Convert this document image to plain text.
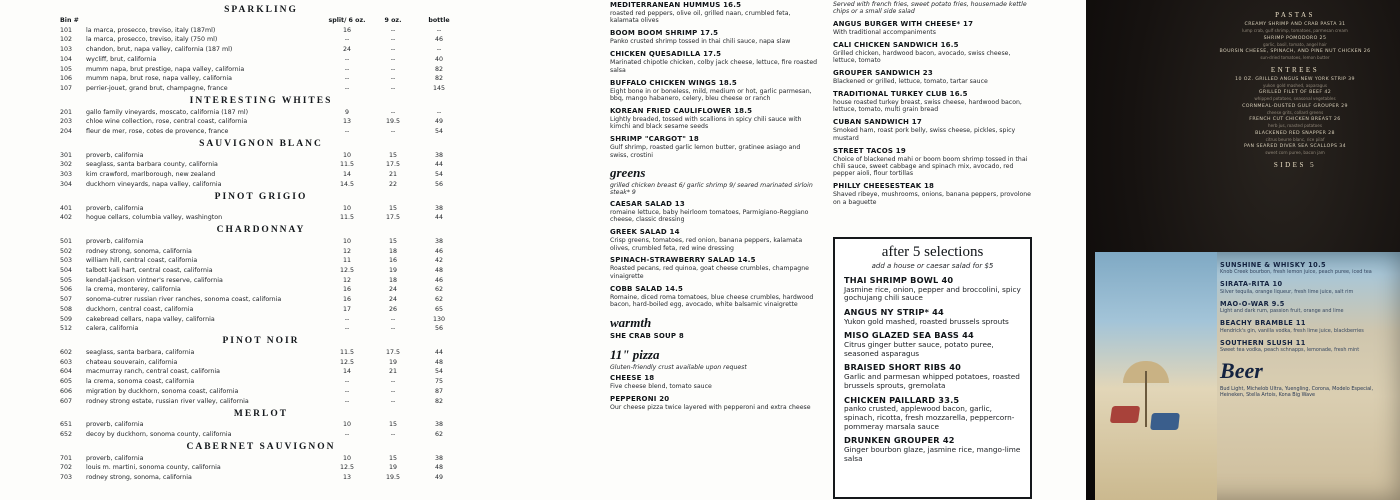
SPARKLING
Bin #	split/ 6 oz.	9 oz.	bottle
101	la marca, prosecco, treviso, italy (187ml)	16	--	--
102	la marca, prosecco, treviso, italy (750 ml)	--	--	46
103	chandon, brut, napa valley, california (187 ml)	24	--	--
104	wycliff, brut, california	--	--	40
105	mumm napa, brut prestige, napa valley, california	--	--	82
106	mumm napa, brut rose, napa valley, california	--	--	82
107	perrier-jouet, grand brut, champagne, france	--	--	145
INTERESTING WHITES
201	gallo family vineyards, moscato, california (187 ml)	9	--	--
203	chloe wine collection, rose, central coast, california	13	19.5	49
204	fleur de mer, rose, cotes de provence, france	--	--	54
SAUVIGNON BLANC
301	proverb, california	10	15	38
302	seaglass, santa barbara county, california	11.5	17.5	44
303	kim crawford, marlborough, new zealand	14	21	54
304	duckhorn vineyards, napa valley, california	14.5	22	56
PINOT GRIGIO
401	proverb, california	10	15	38
402	hogue cellars, columbia valley, washington	11.5	17.5	44
CHARDONNAY
501	proverb, california	10	15	38
502	rodney strong, sonoma, california	12	18	46
503	william hill, central coast, california	11	16	42
504	talbott kali hart, central coast, california	12.5	19	48
505	kendall-jackson vintner's reserve, california	12	18	46
506	la crema, monterey, california	16	24	62
507	sonoma-cutrer russian river ranches, sonoma coast, california	16	24	62
508	duckhorn, central coast, california	17	26	65
509	cakebread cellars, napa valley, california	--	--	130
512	calera, california	--	--	56
PINOT NOIR
602	seaglass, santa barbara, california	11.5	17.5	44
603	chateau souverain, california	12.5	19	48
604	macmurray ranch, central coast, california	14	21	54
605	la crema, sonoma coast, california	--	--	75
606	migration by duckhorn, sonoma coast, california	--	--	87
607	rodney strong estate, russian river valley, california	--	--	82
MERLOT
651	proverb, california	10	15	38
652	decoy by duckhorn, sonoma county, california	--	--	62
CABERNET SAUVIGNON
701	proverb, california	10	15	38
702	louis m. martini, sonoma county, california	12.5	19	48
703	rodney strong, sonoma, california	13	19.5	49
MEDITERRANEAN HUMMUS 16.5
roasted red peppers, olive oil, grilled naan, crumbled feta, kalamata olives
BOOM BOOM SHRIMP 17.5
Panko crusted shrimp tossed in thai chili sauce, napa slaw
CHICKEN QUESADILLA 17.5
Marinated chipotle chicken, colby jack cheese, lettuce, fire roasted salsa
BUFFALO CHICKEN WINGS 18.5
Eight bone in or boneless, mild, medium or hot, garlic parmesan, bbq, mango habanero, celery, bleu cheese or ranch
KOREAN FRIED CAULIFLOWER 18.5
Lightly breaded, tossed with scallions in spicy chili sauce with kimchi and black sesame seeds
SHRIMP "CARGOT" 18
Gulf shrimp, roasted garlic lemon butter, gratinee asiago and swiss, crostini
greens
grilled chicken breast 6/ garlic shrimp 9/ seared marinated sirloin steak* 9
CAESAR SALAD 13
romaine lettuce, baby heirloom tomatoes, Parmigiano-Reggiano cheese, classic dressing
GREEK SALAD 14
Crisp greens, tomatoes, red onion, banana peppers, kalamata olives, crumbled feta, red wine dressing
SPINACH-STRAWBERRY SALAD 14.5
Roasted pecans, red quinoa, goat cheese crumbles, champagne vinaigrette
COBB SALAD 14.5
Romaine, diced roma tomatoes, blue cheese crumbles, hardwood bacon, hard-boiled egg, avocado, white balsamic vinaigrette
warmth
SHE CRAB SOUP 8
11" pizza
Gluten-friendly crust available upon request
CHEESE 18
Five cheese blend, tomato sauce
PEPPERONI 20
Our cheese pizza twice layered with pepperoni and extra cheese
Served with french fries, sweet potato fries, housemade kettle chips or a small side salad
ANGUS BURGER WITH CHEESE* 17
With traditional accompaniments
CALI CHICKEN SANDWICH 16.5
Grilled chicken, hardwood bacon, avocado, swiss cheese, lettuce, tomato
GROUPER SANDWICH 23
Blackened or grilled, lettuce, tomato, tartar sauce
TRADITIONAL TURKEY CLUB 16.5
house roasted turkey breast, swiss cheese, hardwood bacon, lettuce, tomato, multi grain bread
CUBAN SANDWICH 17
Smoked ham, roast pork belly, swiss cheese, pickles, spicy mustard
STREET TACOS 19
Choice of blackened mahi or boom boom shrimp tossed in thai chili sauce, sweet cabbage and spinach mix, avocado, red pepper aioli, flour tortillas
PHILLY CHEESESTEAK 18
Shaved ribeye, mushrooms, onions, banana peppers, provolone on a baguette
after 5 selections
add a house or caesar salad for $5
THAI SHRIMP BOWL 40
Jasmine rice, onion, pepper and broccolini, spicy gochujang chili sauce
ANGUS NY STRIP* 44
Yukon gold mashed, roasted brussels sprouts
MISO GLAZED SEA BASS 44
Citrus ginger butter sauce, potato puree, seasoned asparagus
BRAISED SHORT RIBS 40
Garlic and parmesan whipped potatoes, roasted brussels sprouts, gremolata
CHICKEN PAILLARD 33.5
panko crusted, applewood bacon, garlic, spinach, ricotta, fresh mozzarella, peppercorn-pommeray marsala sauce
DRUNKEN GROUPER 42
Ginger bourbon glaze, jasmine rice, mango-lime salsa
PASTAS
CREAMY SHRIMP AND CRAB PASTA 31
lump crab, gulf shrimp, tomatoes, parmesan cream
SHRIMP POMODORO 25
garlic, basil, tomato, angel hair
BOURSIN CHEESE, SPINACH, AND PINE NUT CHICKEN 26
sun-dried tomatoes, lemon butter
ENTREES
10 OZ. GRILLED ANGUS NEW YORK STRIP 39
yukon gold mashed, asparagus
GRILLED FILET OF BEEF 42
whipped potatoes, seasonal vegetables
CORNMEAL-DUSTED GULF GROUPER 29
cheese grits, collard greens
FRENCH CUT CHICKEN BREAST 26
herb jus, roasted potatoes
BLACKENED RED SNAPPER 28
citrus beurre blanc, rice pilaf
PAN SEARED DIVER SEA SCALLOPS 34
sweet corn puree, bacon jam
SIDES 5
SUNSHINE & WHISKY 10.5
Knob Creek bourbon, fresh lemon juice, peach puree, iced tea
SIRATA-RITA 10
Silver tequila, orange liqueur, fresh lime juice, salt rim
MAO-O-WAR 9.5
Light and dark rum, passion fruit, orange and lime
BEACHY BRAMBLE 11
Hendrick's gin, vanilla vodka, fresh lime juice, blackberries
SOUTHERN SLUSH 11
Sweet tea vodka, peach schnapps, lemonade, fresh mint
Beer
Bud Light, Michelob Ultra, Yuengling, Corona, Modelo Especial, Heineken, Stella Artois, Kona Big Wave
